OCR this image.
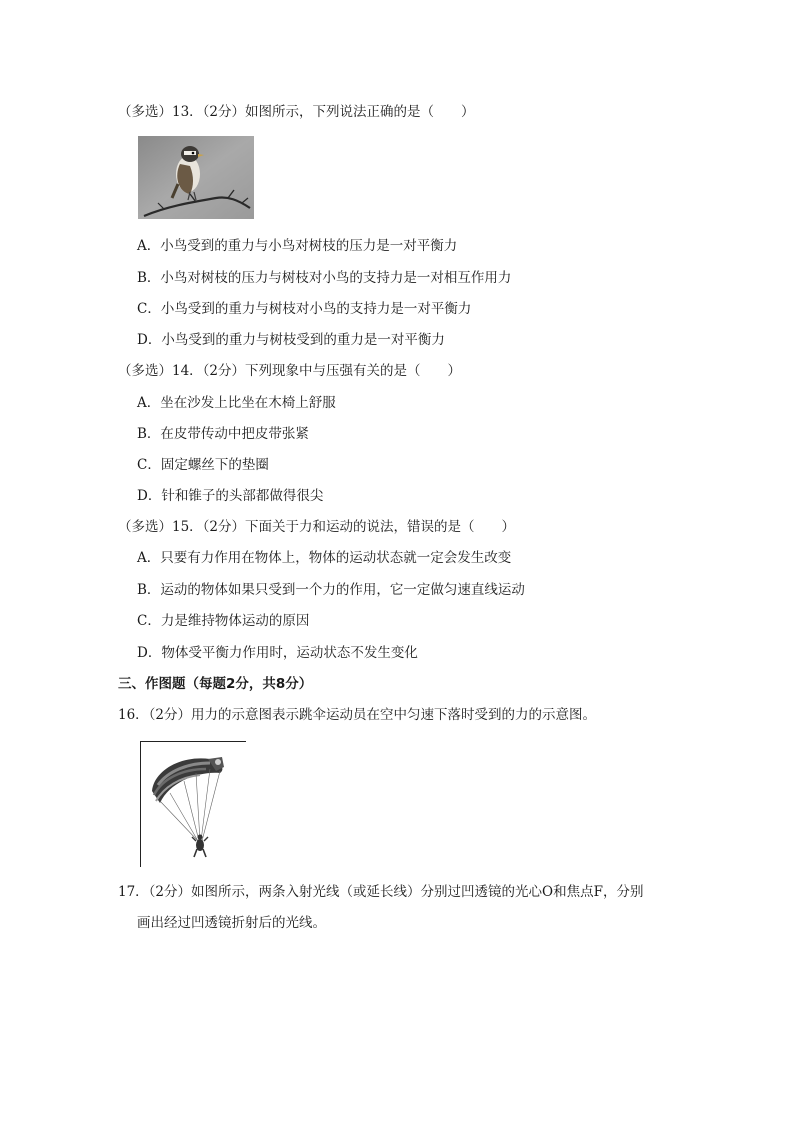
（多选）13．（2分）如图所示，下列说法正确的是（　　）
A．小鸟受到的重力与小鸟对树枝的压力是一对平衡力
B．小鸟对树枝的压力与树枝对小鸟的支持力是一对相互作用力
C．小鸟受到的重力与树枝对小鸟的支持力是一对平衡力
D．小鸟受到的重力与树枝受到的重力是一对平衡力
（多选）14．（2分）下列现象中与压强有关的是（　　）
A．坐在沙发上比坐在木椅上舒服
B．在皮带传动中把皮带张紧
C．固定螺丝下的垫圈
D．针和锥子的头部都做得很尖
（多选）15．（2分）下面关于力和运动的说法，错误的是（　　）
A．只要有力作用在物体上，物体的运动状态就一定会发生改变
B．运动的物体如果只受到一个力的作用，它一定做匀速直线运动
C．力是维持物体运动的原因
D．物体受平衡力作用时，运动状态不发生变化
三、作图题（每题2分，共8分）
16．（2分）用力的示意图表示跳伞运动员在空中匀速下落时受到的力的示意图。
17．（2分）如图所示，两条入射光线（或延长线）分别过凹透镜的光心O和焦点F，分别
画出经过凹透镜折射后的光线。
